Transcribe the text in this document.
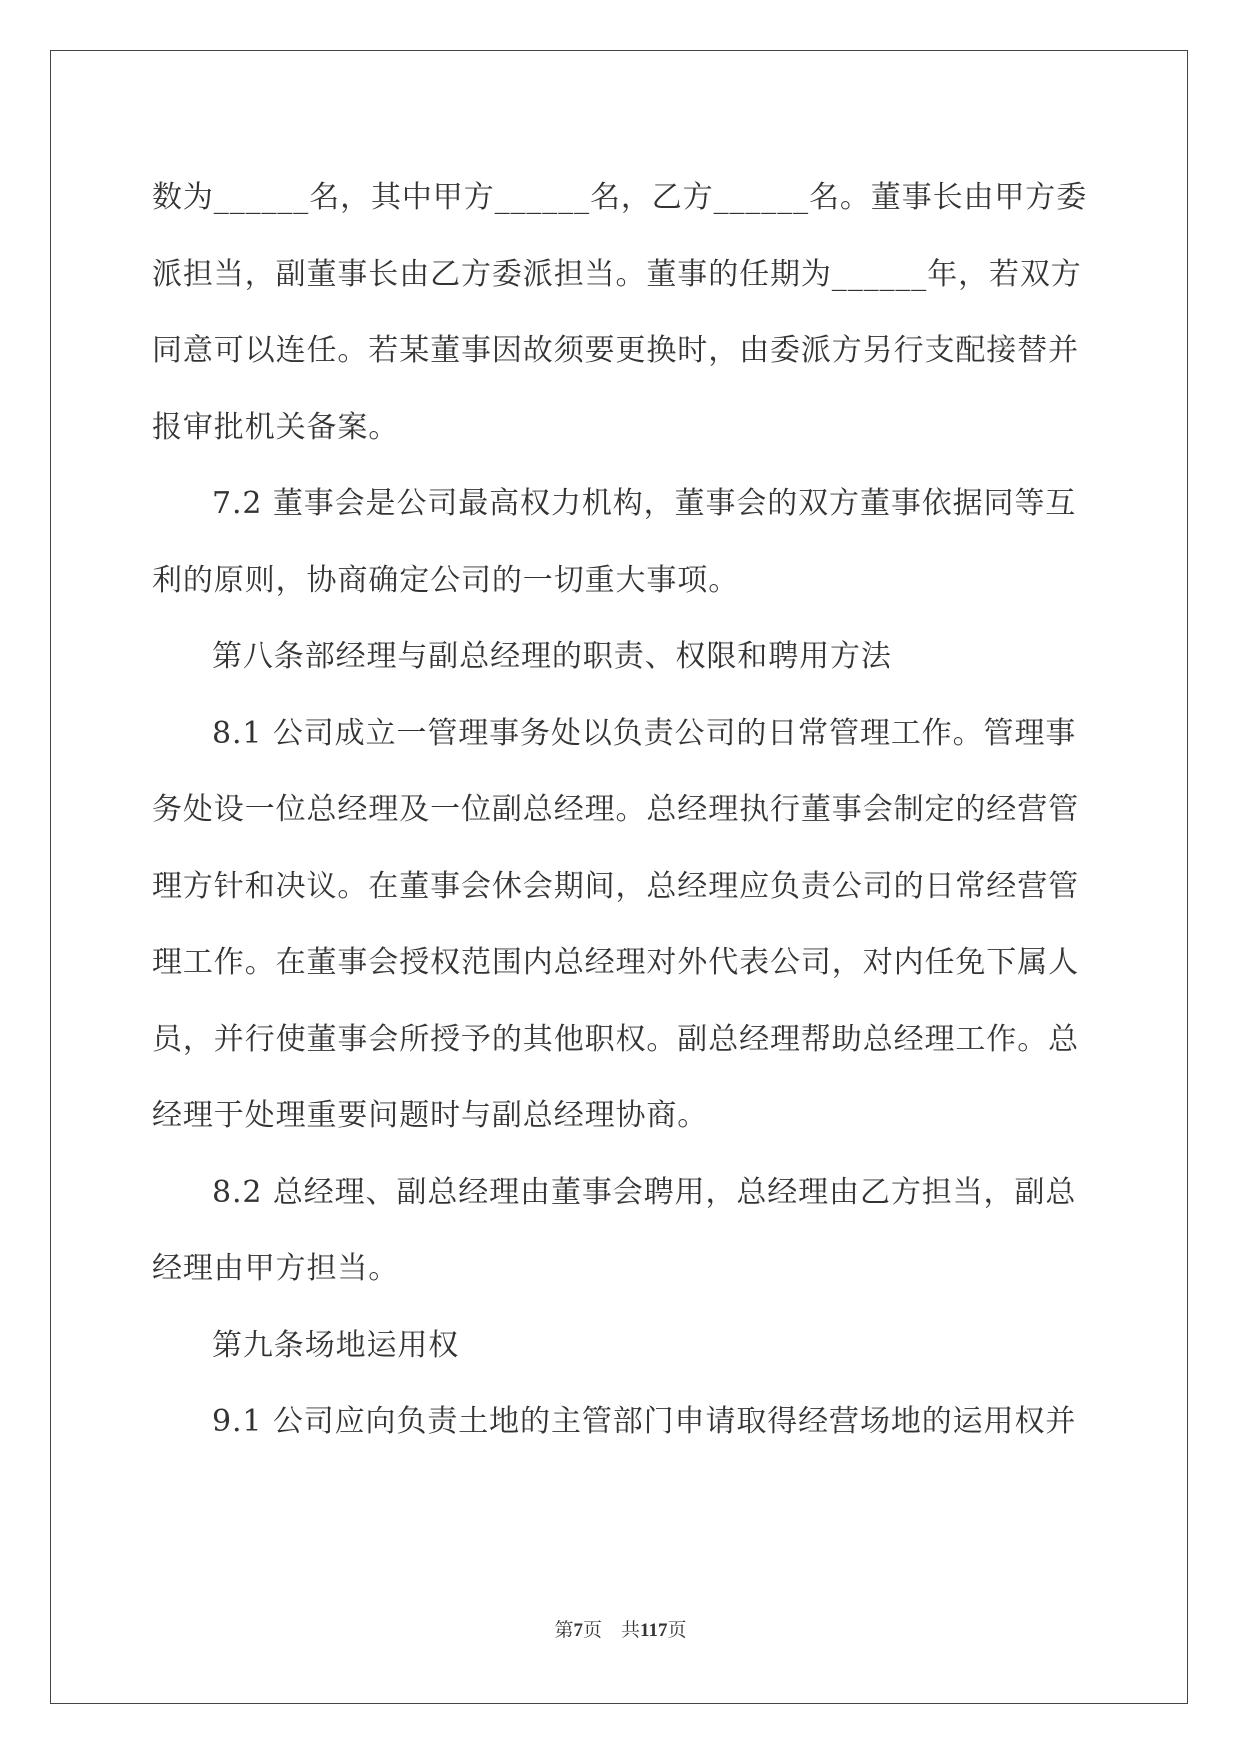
数为______名，其中甲方______名，乙方______名。董事长由甲方委
派担当，副董事长由乙方委派担当。董事的任期为______年，若双方
同意可以连任。若某董事因故须要更换时，由委派方另行支配接替并
报审批机关备案。
7.2 董事会是公司最高权力机构，董事会的双方董事依据同等互
利的原则，协商确定公司的一切重大事项。
第八条部经理与副总经理的职责、权限和聘用方法
8.1 公司成立一管理事务处以负责公司的日常管理工作。管理事
务处设一位总经理及一位副总经理。总经理执行董事会制定的经营管
理方针和决议。在董事会休会期间，总经理应负责公司的日常经营管
理工作。在董事会授权范围内总经理对外代表公司，对内任免下属人
员，并行使董事会所授予的其他职权。副总经理帮助总经理工作。总
经理于处理重要问题时与副总经理协商。
8.2 总经理、副总经理由董事会聘用，总经理由乙方担当，副总
经理由甲方担当。
第九条场地运用权
9.1 公司应向负责土地的主管部门申请取得经营场地的运用权并
第7页　共117页
